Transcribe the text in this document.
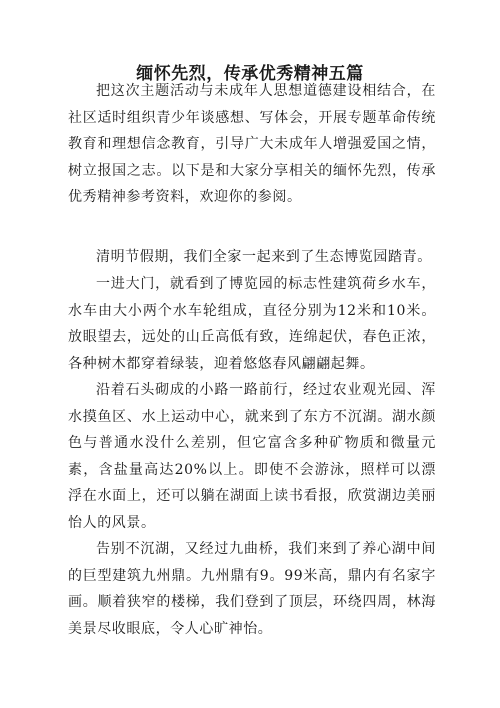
缅怀先烈，传承优秀精神五篇

把这次主题活动与未成年人思想道德建设相结合，在社区适时组织青少年谈感想、写体会，开展专题革命传统教育和理想信念教育，引导广大未成年人增强爱国之情，树立报国之志。以下是和大家分享相关的缅怀先烈，传承优秀精神参考资料，欢迎你的参阅。

清明节假期，我们全家一起来到了生态博览园踏青。

一进大门，就看到了博览园的标志性建筑荷乡水车，水车由大小两个水车轮组成，直径分别为12米和10米。放眼望去，远处的山丘高低有致，连绵起伏，春色正浓，各种树木都穿着绿装，迎着悠悠春风翩翩起舞。

沿着石头砌成的小路一路前行，经过农业观光园、浑水摸鱼区、水上运动中心，就来到了东方不沉湖。湖水颜色与普通水没什么差别，但它富含多种矿物质和微量元素，含盐量高达20%以上。即使不会游泳，照样可以漂浮在水面上，还可以躺在湖面上读书看报，欣赏湖边美丽怡人的风景。

告别不沉湖，又经过九曲桥，我们来到了养心湖中间的巨型建筑九州鼎。九州鼎有9。99米高，鼎内有名家字画。顺着狭窄的楼梯，我们登到了顶层，环绕四周，林海美景尽收眼底，令人心旷神怡。
